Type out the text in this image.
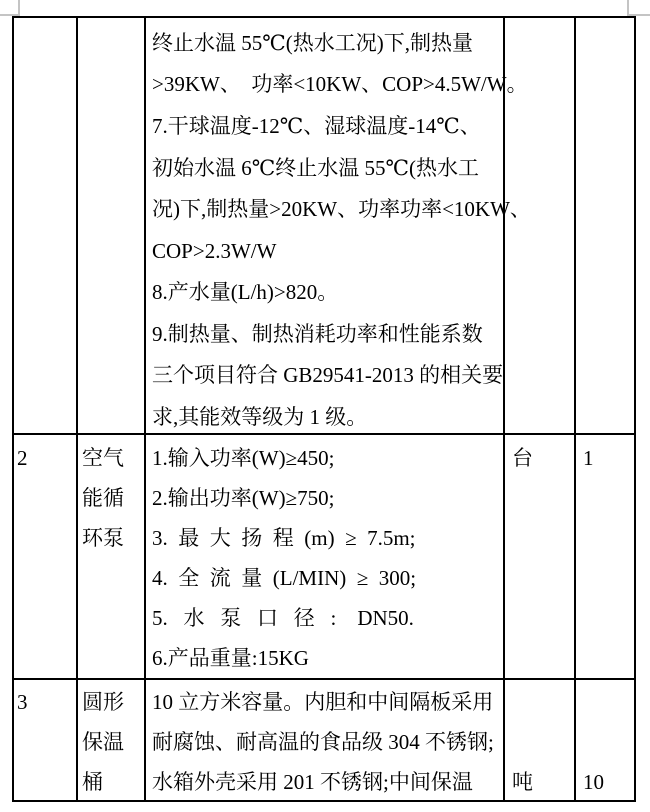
终止水温 55℃(热水工况)下,制热量
>39KW、  功率<10KW、COP>4.5W/W。
7.干球温度-12℃、湿球温度-14℃、
初始水温 6℃终止水温 55℃(热水工
况)下,制热量>20KW、功率功率<10KW、
COP>2.3W/W
8.产水量(L/h)>820。
9.制热量、制热消耗功率和性能系数
三个项目符合 GB29541-2013 的相关要
求,其能效等级为 1 级。
2	空气
能循
环泵
1.输入功率(W)≥450;
2.输出功率(W)≥750;
3.  最  大  扬  程  (m)  ≥  7.5m;
4.  全  流  量  (L/MIN)  ≥  300;
5.   水   泵   口   径   :    DN50.
6.产品重量:15KG
台 1
3	圆形
保温
桶
10 立方米容量。内胆和中间隔板采用
耐腐蚀、耐高温的食品级 304 不锈钢;
水箱外壳采用 201 不锈钢;中间保温 吨 10
